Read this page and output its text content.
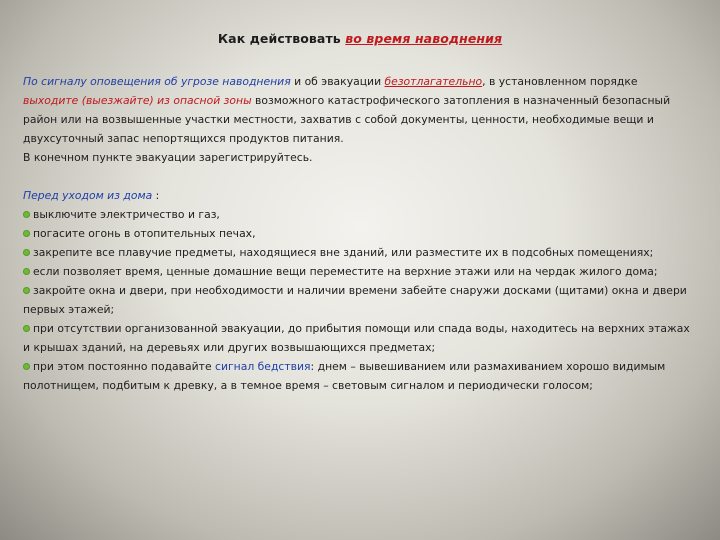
Как действовать во время наводнения
По сигналу оповещения об угрозе наводнения и об эвакуации безотлагательно, в установленном порядке выходите (выезжайте) из опасной зоны возможного катастрофического затопления в назначенный безопасный район или на возвышенные участки местности, захватив с собой документы, ценности, необходимые вещи и двухсуточный запас непортящихся продуктов питания.
В конечном пункте эвакуации зарегистрируйтесь.
Перед уходом из дома :
выключите электричество и газ,
погасите огонь в отопительных печах,
закрепите все плавучие предметы, находящиеся вне зданий, или разместите их в подсобных помещениях;
если позволяет время, ценные домашние вещи переместите на верхние этажи или на чердак жилого дома;
закройте окна и двери, при необходимости и наличии времени забейте снаружи досками (щитами) окна и двери первых этажей;
при отсутствии организованной эвакуации, до прибытия помощи или спада воды, находитесь на верхних этажах и крышах зданий, на деревьях или других возвышающихся предметах;
при этом постоянно подавайте сигнал бедствия: днем – вывешиванием или размахиванием хорошо видимым полотнищем, подбитым к древку, а в темное время – световым сигналом и периодически голосом;
